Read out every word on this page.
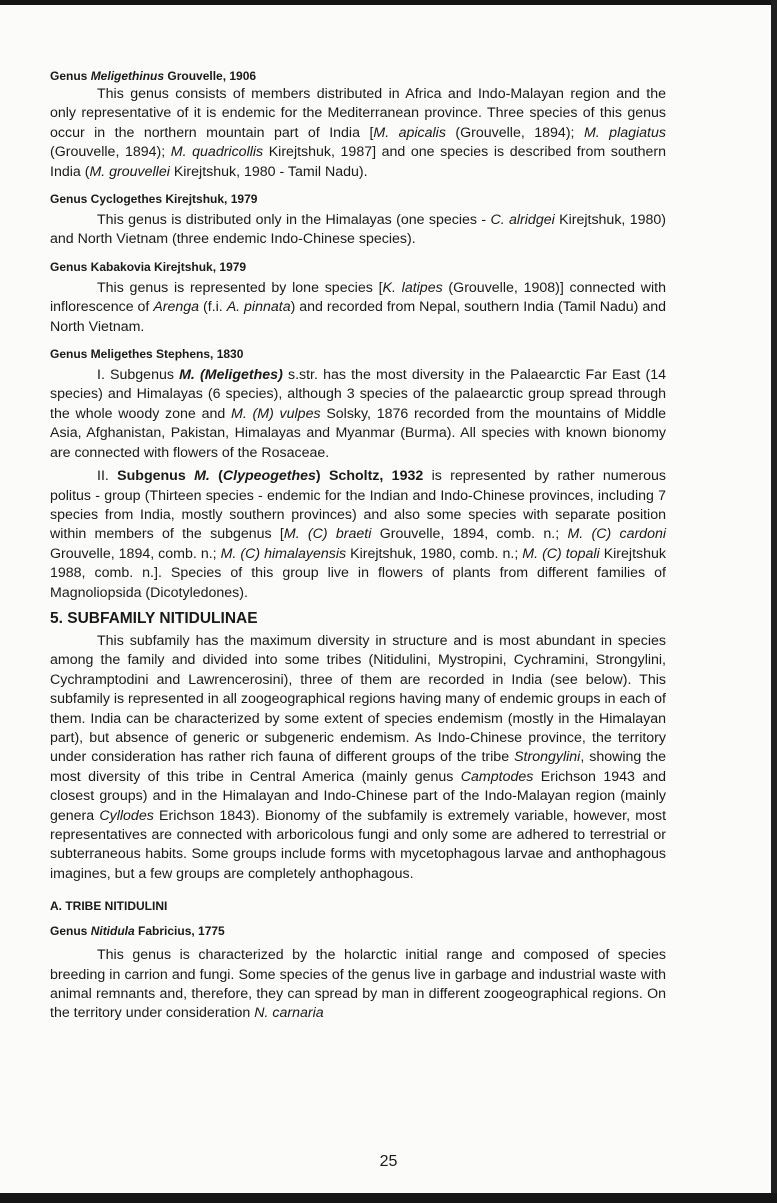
Genus Meligethinus Grouvelle, 1906

This genus consists of members distributed in Africa and Indo-Malayan region and the only representative of it is endemic for the Mediterranean province. Three species of this genus occur in the northern mountain part of India [M. apicalis (Grouvelle, 1894); M. plagiatus (Grouvelle, 1894); M. quadricollis Kirejtshuk, 1987] and one species is described from southern India (M. grouvellei Kirejtshuk, 1980 - Tamil Nadu).

Genus Cyclogethes Kirejtshuk, 1979

This genus is distributed only in the Himalayas (one species - C. alridgei Kirejtshuk, 1980) and North Vietnam (three endemic Indo-Chinese species).

Genus Kabakovia Kirejtshuk, 1979

This genus is represented by lone species [K. latipes (Grouvelle, 1908)] connected with inflorescence of Arenga (f.i. A. pinnata) and recorded from Nepal, southern India (Tamil Nadu) and North Vietnam.

Genus Meligethes Stephens, 1830

I. Subgenus M. (Meligethes) s.str. has the most diversity in the Palaearctic Far East (14 species) and Himalayas (6 species), although 3 species of the palaearctic group spread through the whole woody zone and M. (M) vulpes Solsky, 1876 recorded from the mountains of Middle Asia, Afghanistan, Pakistan, Himalayas and Myanmar (Burma). All species with known bionomy are connected with flowers of the Rosaceae.

II. Subgenus M. (Clypeogethes) Scholtz, 1932 is represented by rather numerous politus - group (Thirteen species - endemic for the Indian and Indo-Chinese provinces, including 7 species from India, mostly southern provinces) and also some species with separate position within members of the subgenus [M. (C) braeti Grouvelle, 1894, comb. n.; M. (C) cardoni Grouvelle, 1894, comb. n.; M. (C) himalayensis Kirejtshuk, 1980, comb. n.; M. (C) topali Kirejtshuk 1988, comb. n.]. Species of this group live in flowers of plants from different families of Magnoliopsida (Dicotyledones).

5. SUBFAMILY NITIDULINAE

This subfamily has the maximum diversity in structure and is most abundant in species among the family and divided into some tribes (Nitidulini, Mystropini, Cychramini, Strongylini, Cychramptodini and Lawrencerosini), three of them are recorded in India (see below). This subfamily is represented in all zoogeographical regions having many of endemic groups in each of them. India can be characterized by some extent of species endemism (mostly in the Himalayan part), but absence of generic or subgeneric endemism. As Indo-Chinese province, the territory under consideration has rather rich fauna of different groups of the tribe Strongylini, showing the most diversity of this tribe in Central America (mainly genus Camptodes Erichson 1943 and closest groups) and in the Himalayan and Indo-Chinese part of the Indo-Malayan region (mainly genera Cyllodes Erichson 1843). Bionomy of the subfamily is extremely variable, however, most representatives are connected with arboricolous fungi and only some are adhered to terrestrial or subterraneous habits. Some groups include forms with mycetophagous larvae and anthophagous imagines, but a few groups are completely anthophagous.

A. TRIBE NITIDULINI
Genus Nitidula Fabricius, 1775

This genus is characterized by the holarctic initial range and composed of species breeding in carrion and fungi. Some species of the genus live in garbage and industrial waste with animal remnants and, therefore, they can spread by man in different zoogeographical regions. On the territory under consideration N. carnaria

25
